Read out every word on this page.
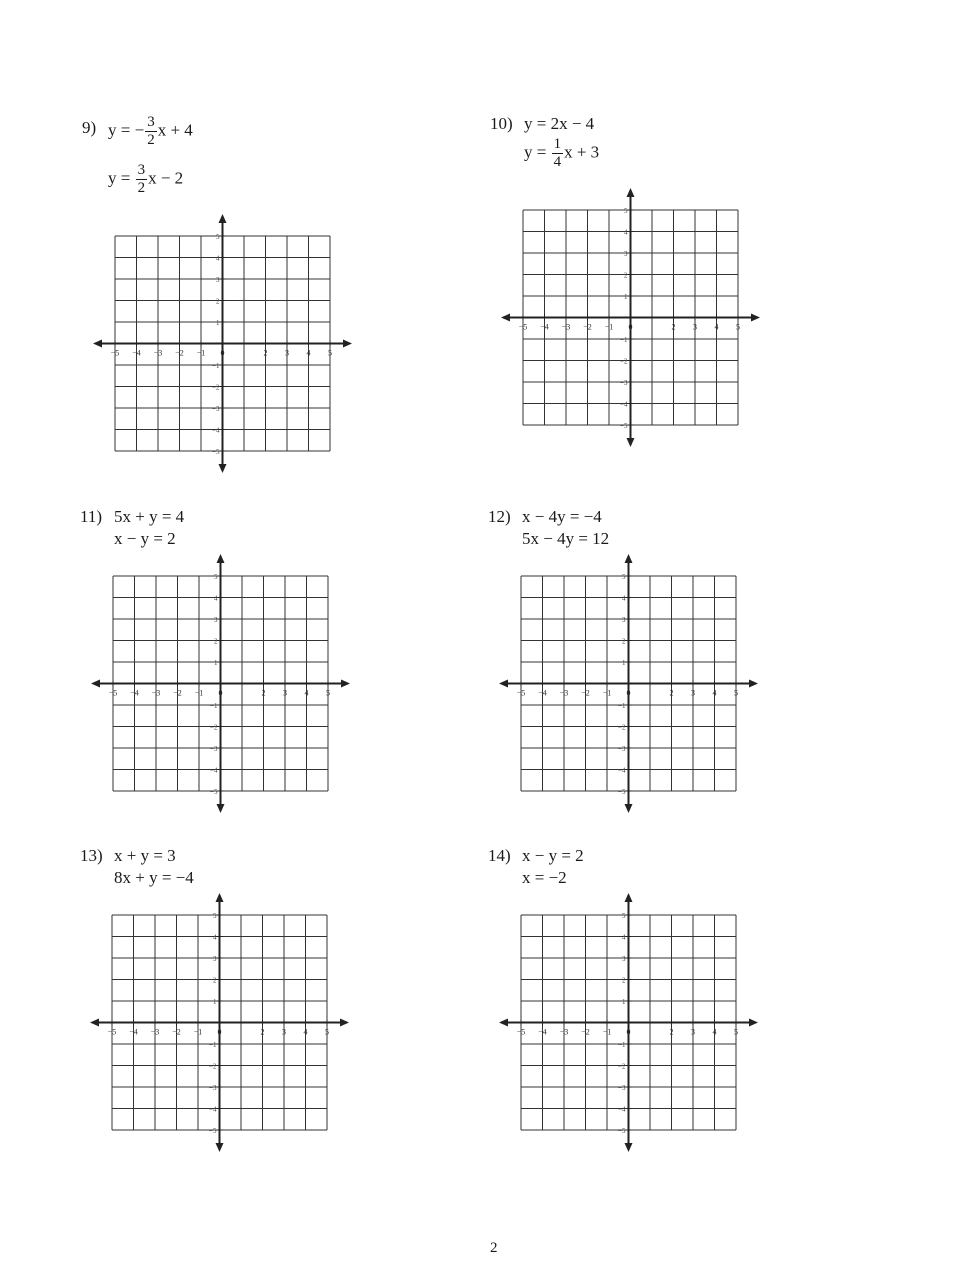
9) y = − $\frac{3}{2}$ x + 4
$y = \frac{3}{2}$ x − 2
−5 −4 −3 −2 −1 0	2 3 4 5
5
4
3
2
1
−1
−2
−3
−4
−5
10) y = 2x − 4
$y = \frac{1}{4}$ x + 3
−5 −4 −3 −2 −1 0	2 3 4 5
5
4
3
2
1
−1
−2
−3
−4
−5
11) 5x + y = 4
x − y = 2
−5 −4 −3 −2 −1 0	2 3 4 5
5
4
3
2
1
−1
−2
−3
−4
−5
12) x − 4y = −4
5x − 4y = 12
−5 −4 −3 −2 −1 0	2 3 4 5
5
4
3
2
1
−1
−2
−3
−4
−5
13) x + y = 3
8x + y = −4
−5 −4 −3 −2 −1 0	2 3 4 5
5
4
3
2
1
−1
−2
−3
−4
−5
14) x − y = 2
x = −2
−5 −4 −3 −2 −1 0	2 3 4 5
5
4
3
2
1
−1
−2
−3
−4
−5
2
